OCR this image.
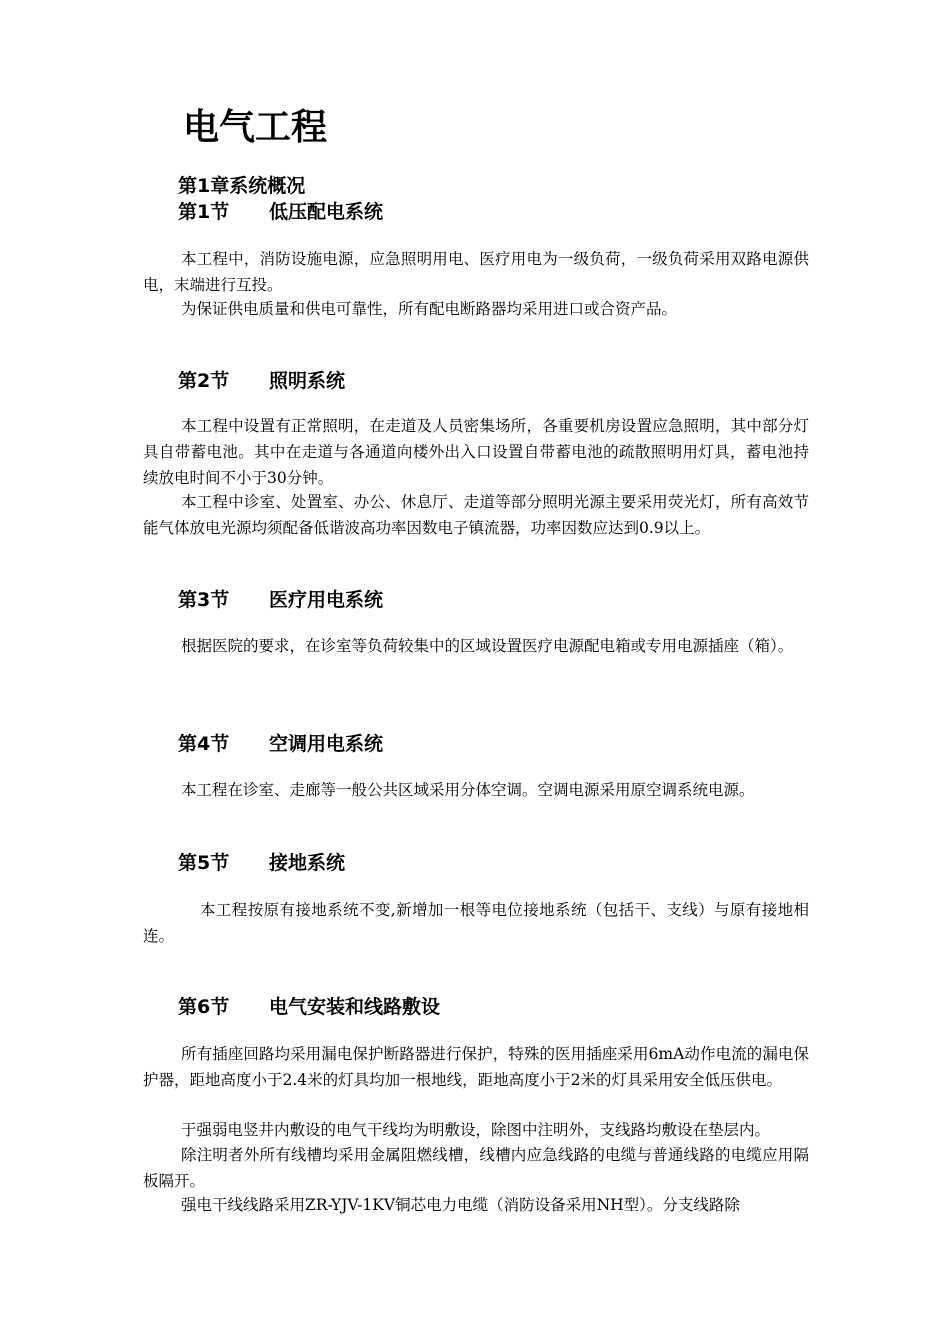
电气工程
第1章系统概况
第1节 低压配电系统

本工程中，消防设施电源，应急照明用电、医疗用电为一级负荷，一级负荷采用双路电源供电，末端进行互投。

为保证供电质量和供电可靠性，所有配电断路器均采用进口或合资产品。

第2节 照明系统

本工程中设置有正常照明，在走道及人员密集场所，各重要机房设置应急照明，其中部分灯具自带蓄电池。其中在走道与各通道向楼外出入口设置自带蓄电池的疏散照明用灯具，蓄电池持续放电时间不小于30分钟。

本工程中诊室、处置室、办公、休息厅、走道等部分照明光源主要采用荧光灯，所有高效节能气体放电光源均须配备低谐波高功率因数电子镇流器，功率因数应达到0.9以上。

第3节 医疗用电系统

根据医院的要求，在诊室等负荷较集中的区域设置医疗电源配电箱或专用电源插座（箱）。

第4节 空调用电系统

本工程在诊室、走廊等一般公共区域采用分体空调。空调电源采用原空调系统电源。

第5节 接地系统

本工程按原有接地系统不变,新增加一根等电位接地系统（包括干、支线）与原有接地相连。

第6节 电气安装和线路敷设

所有插座回路均采用漏电保护断路器进行保护，特殊的医用插座采用6mA动作电流的漏电保护器，距地高度小于2.4米的灯具均加一根地线，距地高度小于2米的灯具采用安全低压供电。

于强弱电竖井内敷设的电气干线均为明敷设，除图中注明外，支线路均敷设在垫层内。

除注明者外所有线槽均采用金属阻燃线槽，线槽内应急线路的电缆与普通线路的电缆应用隔板隔开。

强电干线线路采用ZR-YJV-1KV铜芯电力电缆（消防设备采用NH型）。分支线路除
